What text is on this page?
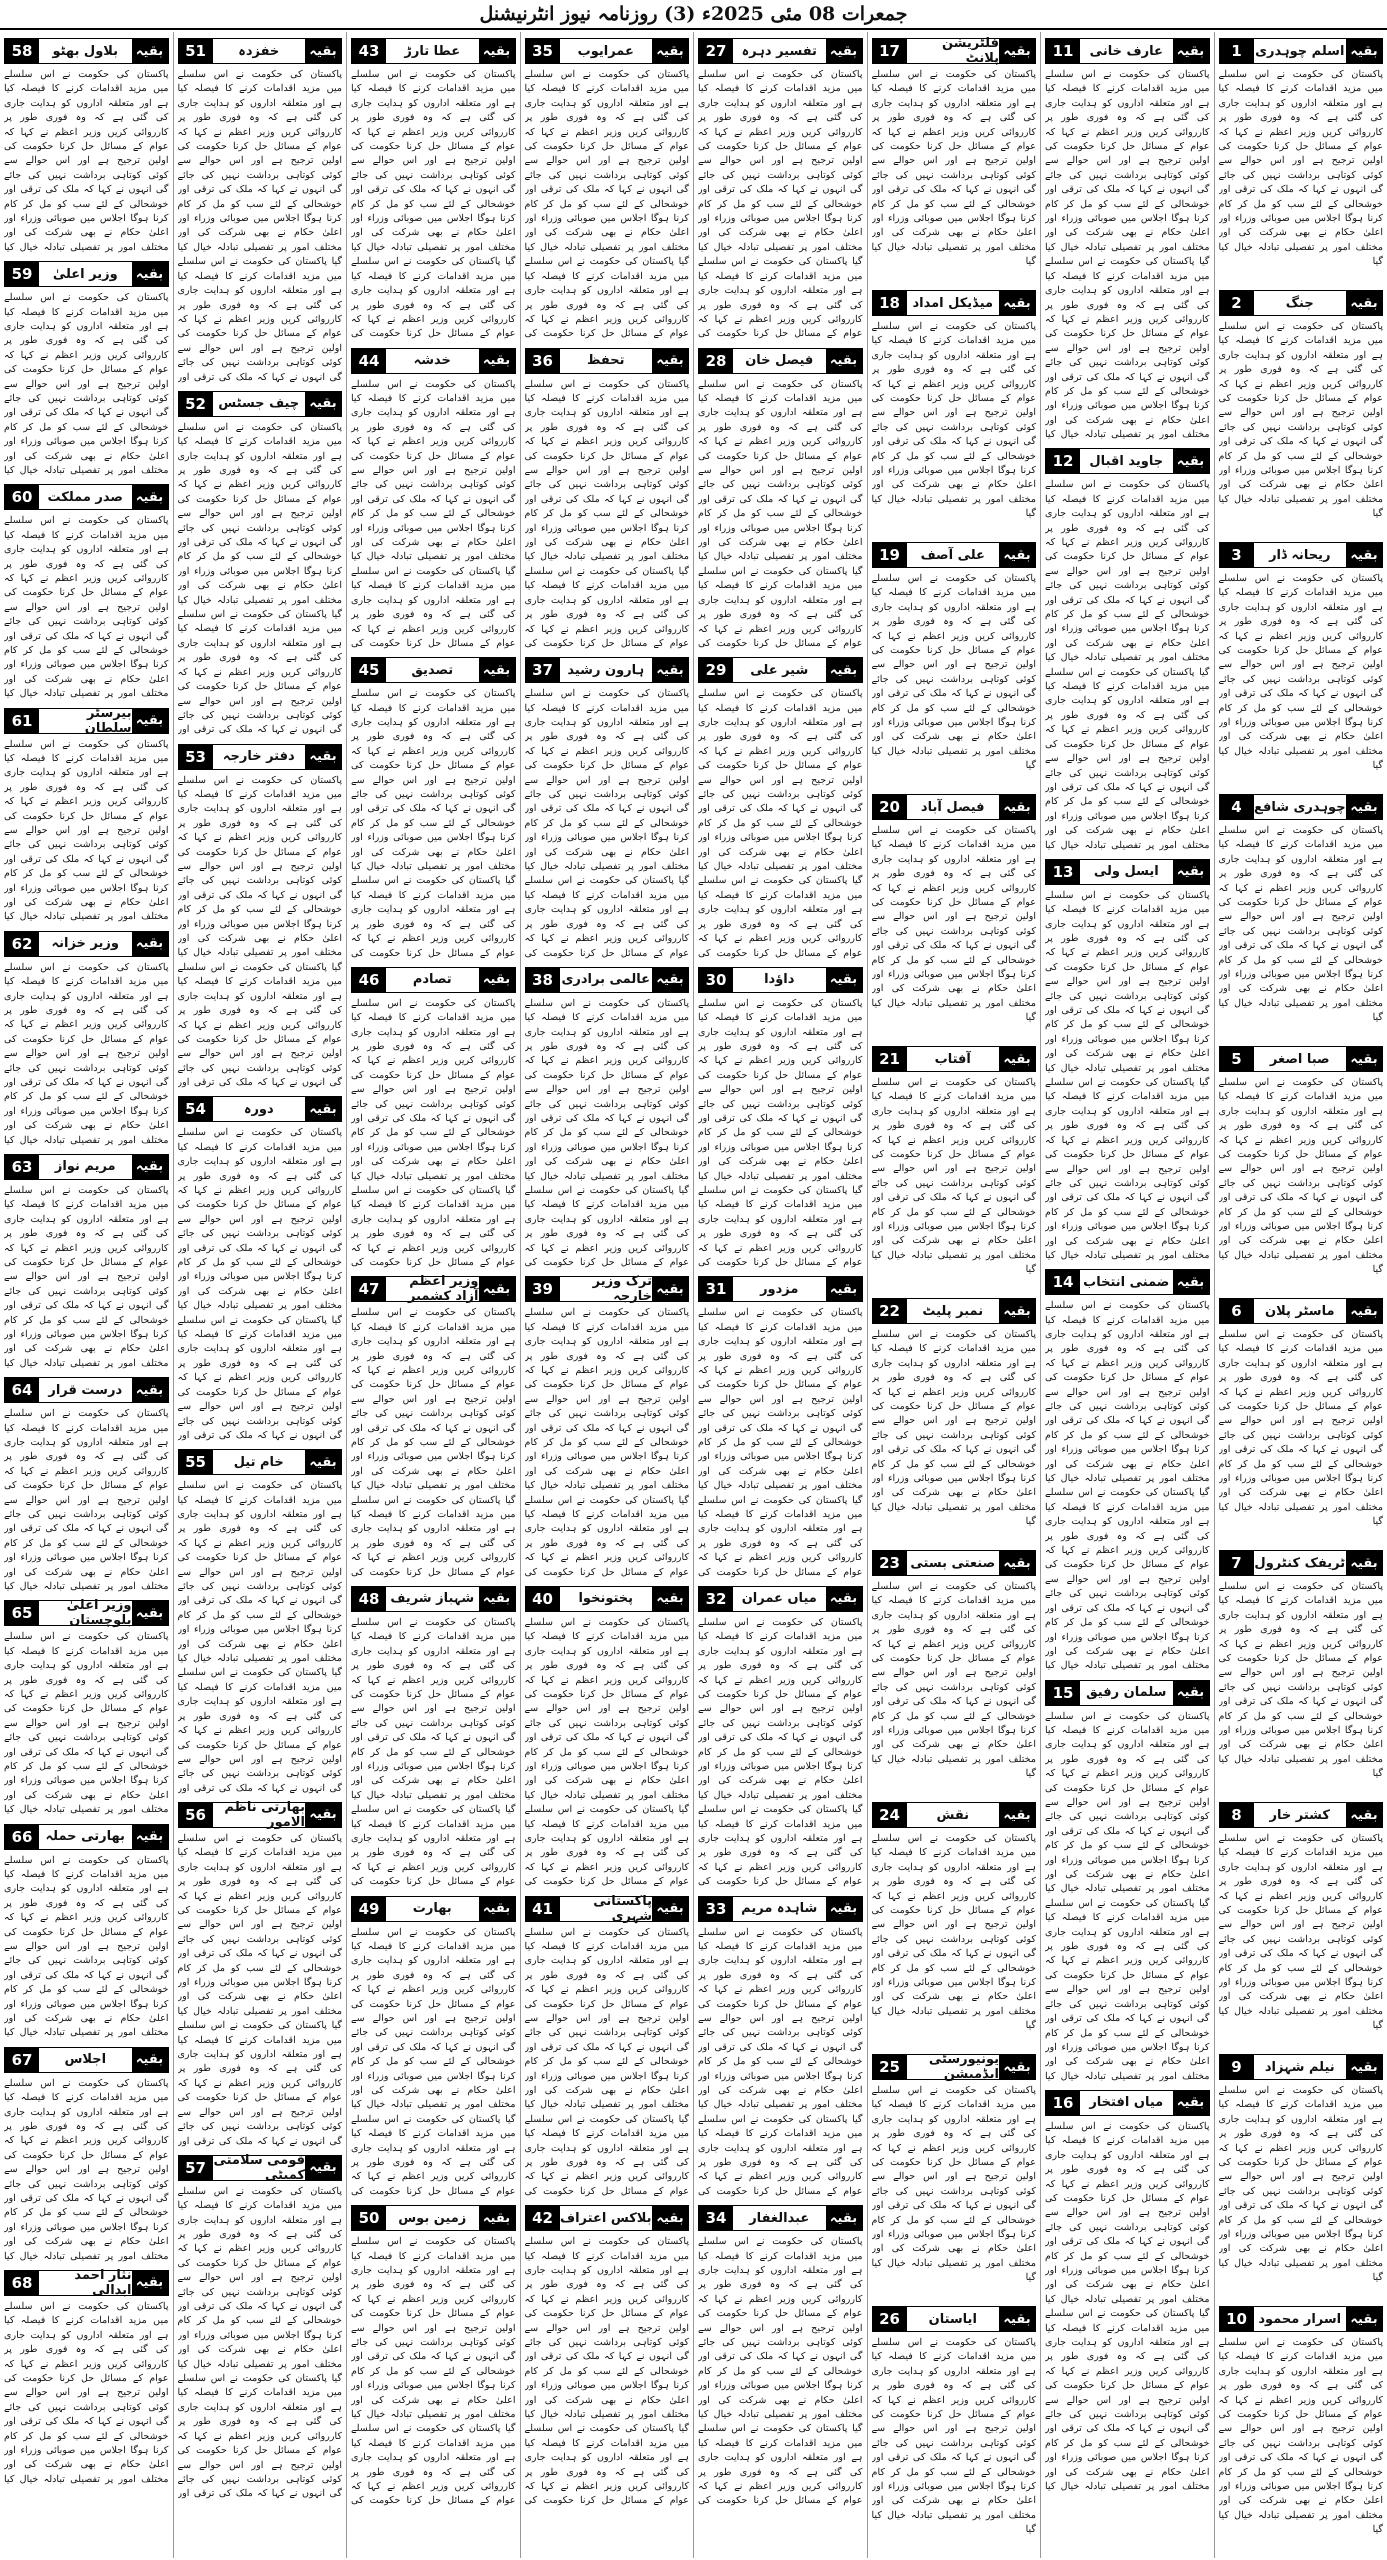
جمعرات 08 مئی 2025ء (3) روزنامہ نیوز انٹرنیشنل
بقیہ
اسلم چوہدری
1

پاکستان کی حکومت نے اس سلسلے میں مزید اقدامات کرنے کا فیصلہ کیا ہے اور متعلقہ اداروں کو ہدایت جاری کی گئی ہے کہ وہ فوری طور پر کارروائی کریں وزیر اعظم نے کہا کہ عوام کے مسائل حل کرنا حکومت کی اولین ترجیح ہے اور اس حوالے سے کوئی کوتاہی برداشت نہیں کی جائے گی انہوں نے کہا کہ ملک کی ترقی اور خوشحالی کے لئے سب کو مل کر کام کرنا ہوگا اجلاس میں صوبائی وزراء اور اعلیٰ حکام نے بھی شرکت کی اور مختلف امور پر تفصیلی تبادلہ خیال کیا گیا

بقیہ
جنگ
2

پاکستان کی حکومت نے اس سلسلے میں مزید اقدامات کرنے کا فیصلہ کیا ہے اور متعلقہ اداروں کو ہدایت جاری کی گئی ہے کہ وہ فوری طور پر کارروائی کریں وزیر اعظم نے کہا کہ عوام کے مسائل حل کرنا حکومت کی اولین ترجیح ہے اور اس حوالے سے کوئی کوتاہی برداشت نہیں کی جائے گی انہوں نے کہا کہ ملک کی ترقی اور خوشحالی کے لئے سب کو مل کر کام کرنا ہوگا اجلاس میں صوبائی وزراء اور اعلیٰ حکام نے بھی شرکت کی اور مختلف امور پر تفصیلی تبادلہ خیال کیا گیا

بقیہ
ریحانہ ڈار
3

پاکستان کی حکومت نے اس سلسلے میں مزید اقدامات کرنے کا فیصلہ کیا ہے اور متعلقہ اداروں کو ہدایت جاری کی گئی ہے کہ وہ فوری طور پر کارروائی کریں وزیر اعظم نے کہا کہ عوام کے مسائل حل کرنا حکومت کی اولین ترجیح ہے اور اس حوالے سے کوئی کوتاہی برداشت نہیں کی جائے گی انہوں نے کہا کہ ملک کی ترقی اور خوشحالی کے لئے سب کو مل کر کام کرنا ہوگا اجلاس میں صوبائی وزراء اور اعلیٰ حکام نے بھی شرکت کی اور مختلف امور پر تفصیلی تبادلہ خیال کیا گیا

بقیہ
چوہدری شافع
4

پاکستان کی حکومت نے اس سلسلے میں مزید اقدامات کرنے کا فیصلہ کیا ہے اور متعلقہ اداروں کو ہدایت جاری کی گئی ہے کہ وہ فوری طور پر کارروائی کریں وزیر اعظم نے کہا کہ عوام کے مسائل حل کرنا حکومت کی اولین ترجیح ہے اور اس حوالے سے کوئی کوتاہی برداشت نہیں کی جائے گی انہوں نے کہا کہ ملک کی ترقی اور خوشحالی کے لئے سب کو مل کر کام کرنا ہوگا اجلاس میں صوبائی وزراء اور اعلیٰ حکام نے بھی شرکت کی اور مختلف امور پر تفصیلی تبادلہ خیال کیا گیا

بقیہ
صبا اصغر
5

پاکستان کی حکومت نے اس سلسلے میں مزید اقدامات کرنے کا فیصلہ کیا ہے اور متعلقہ اداروں کو ہدایت جاری کی گئی ہے کہ وہ فوری طور پر کارروائی کریں وزیر اعظم نے کہا کہ عوام کے مسائل حل کرنا حکومت کی اولین ترجیح ہے اور اس حوالے سے کوئی کوتاہی برداشت نہیں کی جائے گی انہوں نے کہا کہ ملک کی ترقی اور خوشحالی کے لئے سب کو مل کر کام کرنا ہوگا اجلاس میں صوبائی وزراء اور اعلیٰ حکام نے بھی شرکت کی اور مختلف امور پر تفصیلی تبادلہ خیال کیا گیا

بقیہ
ماسٹر پلان
6

پاکستان کی حکومت نے اس سلسلے میں مزید اقدامات کرنے کا فیصلہ کیا ہے اور متعلقہ اداروں کو ہدایت جاری کی گئی ہے کہ وہ فوری طور پر کارروائی کریں وزیر اعظم نے کہا کہ عوام کے مسائل حل کرنا حکومت کی اولین ترجیح ہے اور اس حوالے سے کوئی کوتاہی برداشت نہیں کی جائے گی انہوں نے کہا کہ ملک کی ترقی اور خوشحالی کے لئے سب کو مل کر کام کرنا ہوگا اجلاس میں صوبائی وزراء اور اعلیٰ حکام نے بھی شرکت کی اور مختلف امور پر تفصیلی تبادلہ خیال کیا گیا

بقیہ
ٹریفک کنٹرول
7

پاکستان کی حکومت نے اس سلسلے میں مزید اقدامات کرنے کا فیصلہ کیا ہے اور متعلقہ اداروں کو ہدایت جاری کی گئی ہے کہ وہ فوری طور پر کارروائی کریں وزیر اعظم نے کہا کہ عوام کے مسائل حل کرنا حکومت کی اولین ترجیح ہے اور اس حوالے سے کوئی کوتاہی برداشت نہیں کی جائے گی انہوں نے کہا کہ ملک کی ترقی اور خوشحالی کے لئے سب کو مل کر کام کرنا ہوگا اجلاس میں صوبائی وزراء اور اعلیٰ حکام نے بھی شرکت کی اور مختلف امور پر تفصیلی تبادلہ خیال کیا گیا

بقیہ
کشتر خار
8

پاکستان کی حکومت نے اس سلسلے میں مزید اقدامات کرنے کا فیصلہ کیا ہے اور متعلقہ اداروں کو ہدایت جاری کی گئی ہے کہ وہ فوری طور پر کارروائی کریں وزیر اعظم نے کہا کہ عوام کے مسائل حل کرنا حکومت کی اولین ترجیح ہے اور اس حوالے سے کوئی کوتاہی برداشت نہیں کی جائے گی انہوں نے کہا کہ ملک کی ترقی اور خوشحالی کے لئے سب کو مل کر کام کرنا ہوگا اجلاس میں صوبائی وزراء اور اعلیٰ حکام نے بھی شرکت کی اور مختلف امور پر تفصیلی تبادلہ خیال کیا گیا

بقیہ
نیلم شہزاد
9

پاکستان کی حکومت نے اس سلسلے میں مزید اقدامات کرنے کا فیصلہ کیا ہے اور متعلقہ اداروں کو ہدایت جاری کی گئی ہے کہ وہ فوری طور پر کارروائی کریں وزیر اعظم نے کہا کہ عوام کے مسائل حل کرنا حکومت کی اولین ترجیح ہے اور اس حوالے سے کوئی کوتاہی برداشت نہیں کی جائے گی انہوں نے کہا کہ ملک کی ترقی اور خوشحالی کے لئے سب کو مل کر کام کرنا ہوگا اجلاس میں صوبائی وزراء اور اعلیٰ حکام نے بھی شرکت کی اور مختلف امور پر تفصیلی تبادلہ خیال کیا گیا

بقیہ
اسرار محمود
10

پاکستان کی حکومت نے اس سلسلے میں مزید اقدامات کرنے کا فیصلہ کیا ہے اور متعلقہ اداروں کو ہدایت جاری کی گئی ہے کہ وہ فوری طور پر کارروائی کریں وزیر اعظم نے کہا کہ عوام کے مسائل حل کرنا حکومت کی اولین ترجیح ہے اور اس حوالے سے کوئی کوتاہی برداشت نہیں کی جائے گی انہوں نے کہا کہ ملک کی ترقی اور خوشحالی کے لئے سب کو مل کر کام کرنا ہوگا اجلاس میں صوبائی وزراء اور اعلیٰ حکام نے بھی شرکت کی اور مختلف امور پر تفصیلی تبادلہ خیال کیا گیا

بقیہ
عارف خانی
11

پاکستان کی حکومت نے اس سلسلے میں مزید اقدامات کرنے کا فیصلہ کیا ہے اور متعلقہ اداروں کو ہدایت جاری کی گئی ہے کہ وہ فوری طور پر کارروائی کریں وزیر اعظم نے کہا کہ عوام کے مسائل حل کرنا حکومت کی اولین ترجیح ہے اور اس حوالے سے کوئی کوتاہی برداشت نہیں کی جائے گی انہوں نے کہا کہ ملک کی ترقی اور خوشحالی کے لئے سب کو مل کر کام کرنا ہوگا اجلاس میں صوبائی وزراء اور اعلیٰ حکام نے بھی شرکت کی اور مختلف امور پر تفصیلی تبادلہ خیال کیا گیا پاکستان کی حکومت نے اس سلسلے میں مزید اقدامات کرنے کا فیصلہ کیا ہے اور متعلقہ اداروں کو ہدایت جاری کی گئی ہے کہ وہ فوری طور پر کارروائی کریں وزیر اعظم نے کہا کہ عوام کے مسائل حل کرنا حکومت کی اولین ترجیح ہے اور اس حوالے سے کوئی کوتاہی برداشت نہیں کی جائے گی انہوں نے کہا کہ ملک کی ترقی اور خوشحالی کے لئے سب کو مل کر کام کرنا ہوگا اجلاس میں صوبائی وزراء اور اعلیٰ حکام نے بھی شرکت کی اور مختلف امور پر تفصیلی تبادلہ خیال کیا

بقیہ
جاوید اقبال
12

پاکستان کی حکومت نے اس سلسلے میں مزید اقدامات کرنے کا فیصلہ کیا ہے اور متعلقہ اداروں کو ہدایت جاری کی گئی ہے کہ وہ فوری طور پر کارروائی کریں وزیر اعظم نے کہا کہ عوام کے مسائل حل کرنا حکومت کی اولین ترجیح ہے اور اس حوالے سے کوئی کوتاہی برداشت نہیں کی جائے گی انہوں نے کہا کہ ملک کی ترقی اور خوشحالی کے لئے سب کو مل کر کام کرنا ہوگا اجلاس میں صوبائی وزراء اور اعلیٰ حکام نے بھی شرکت کی اور مختلف امور پر تفصیلی تبادلہ خیال کیا گیا پاکستان کی حکومت نے اس سلسلے میں مزید اقدامات کرنے کا فیصلہ کیا ہے اور متعلقہ اداروں کو ہدایت جاری کی گئی ہے کہ وہ فوری طور پر کارروائی کریں وزیر اعظم نے کہا کہ عوام کے مسائل حل کرنا حکومت کی اولین ترجیح ہے اور اس حوالے سے کوئی کوتاہی برداشت نہیں کی جائے گی انہوں نے کہا کہ ملک کی ترقی اور خوشحالی کے لئے سب کو مل کر کام کرنا ہوگا اجلاس میں صوبائی وزراء اور اعلیٰ حکام نے بھی شرکت کی اور مختلف امور پر تفصیلی تبادلہ خیال کیا

بقیہ
ایسل ولی
13

پاکستان کی حکومت نے اس سلسلے میں مزید اقدامات کرنے کا فیصلہ کیا ہے اور متعلقہ اداروں کو ہدایت جاری کی گئی ہے کہ وہ فوری طور پر کارروائی کریں وزیر اعظم نے کہا کہ عوام کے مسائل حل کرنا حکومت کی اولین ترجیح ہے اور اس حوالے سے کوئی کوتاہی برداشت نہیں کی جائے گی انہوں نے کہا کہ ملک کی ترقی اور خوشحالی کے لئے سب کو مل کر کام کرنا ہوگا اجلاس میں صوبائی وزراء اور اعلیٰ حکام نے بھی شرکت کی اور مختلف امور پر تفصیلی تبادلہ خیال کیا گیا پاکستان کی حکومت نے اس سلسلے میں مزید اقدامات کرنے کا فیصلہ کیا ہے اور متعلقہ اداروں کو ہدایت جاری کی گئی ہے کہ وہ فوری طور پر کارروائی کریں وزیر اعظم نے کہا کہ عوام کے مسائل حل کرنا حکومت کی اولین ترجیح ہے اور اس حوالے سے کوئی کوتاہی برداشت نہیں کی جائے گی انہوں نے کہا کہ ملک کی ترقی اور خوشحالی کے لئے سب کو مل کر کام کرنا ہوگا اجلاس میں صوبائی وزراء اور اعلیٰ حکام نے بھی شرکت کی اور مختلف امور پر تفصیلی تبادلہ خیال کیا

بقیہ
ضمنی انتخاب
14

پاکستان کی حکومت نے اس سلسلے میں مزید اقدامات کرنے کا فیصلہ کیا ہے اور متعلقہ اداروں کو ہدایت جاری کی گئی ہے کہ وہ فوری طور پر کارروائی کریں وزیر اعظم نے کہا کہ عوام کے مسائل حل کرنا حکومت کی اولین ترجیح ہے اور اس حوالے سے کوئی کوتاہی برداشت نہیں کی جائے گی انہوں نے کہا کہ ملک کی ترقی اور خوشحالی کے لئے سب کو مل کر کام کرنا ہوگا اجلاس میں صوبائی وزراء اور اعلیٰ حکام نے بھی شرکت کی اور مختلف امور پر تفصیلی تبادلہ خیال کیا گیا پاکستان کی حکومت نے اس سلسلے میں مزید اقدامات کرنے کا فیصلہ کیا ہے اور متعلقہ اداروں کو ہدایت جاری کی گئی ہے کہ وہ فوری طور پر کارروائی کریں وزیر اعظم نے کہا کہ عوام کے مسائل حل کرنا حکومت کی اولین ترجیح ہے اور اس حوالے سے کوئی کوتاہی برداشت نہیں کی جائے گی انہوں نے کہا کہ ملک کی ترقی اور خوشحالی کے لئے سب کو مل کر کام کرنا ہوگا اجلاس میں صوبائی وزراء اور اعلیٰ حکام نے بھی شرکت کی اور مختلف امور پر تفصیلی تبادلہ خیال کیا

بقیہ
سلمان رفیق
15

پاکستان کی حکومت نے اس سلسلے میں مزید اقدامات کرنے کا فیصلہ کیا ہے اور متعلقہ اداروں کو ہدایت جاری کی گئی ہے کہ وہ فوری طور پر کارروائی کریں وزیر اعظم نے کہا کہ عوام کے مسائل حل کرنا حکومت کی اولین ترجیح ہے اور اس حوالے سے کوئی کوتاہی برداشت نہیں کی جائے گی انہوں نے کہا کہ ملک کی ترقی اور خوشحالی کے لئے سب کو مل کر کام کرنا ہوگا اجلاس میں صوبائی وزراء اور اعلیٰ حکام نے بھی شرکت کی اور مختلف امور پر تفصیلی تبادلہ خیال کیا گیا پاکستان کی حکومت نے اس سلسلے میں مزید اقدامات کرنے کا فیصلہ کیا ہے اور متعلقہ اداروں کو ہدایت جاری کی گئی ہے کہ وہ فوری طور پر کارروائی کریں وزیر اعظم نے کہا کہ عوام کے مسائل حل کرنا حکومت کی اولین ترجیح ہے اور اس حوالے سے کوئی کوتاہی برداشت نہیں کی جائے گی انہوں نے کہا کہ ملک کی ترقی اور خوشحالی کے لئے سب کو مل کر کام کرنا ہوگا اجلاس میں صوبائی وزراء اور اعلیٰ حکام نے بھی شرکت کی اور مختلف امور پر تفصیلی تبادلہ خیال کیا

بقیہ
میاں افتخار
16

پاکستان کی حکومت نے اس سلسلے میں مزید اقدامات کرنے کا فیصلہ کیا ہے اور متعلقہ اداروں کو ہدایت جاری کی گئی ہے کہ وہ فوری طور پر کارروائی کریں وزیر اعظم نے کہا کہ عوام کے مسائل حل کرنا حکومت کی اولین ترجیح ہے اور اس حوالے سے کوئی کوتاہی برداشت نہیں کی جائے گی انہوں نے کہا کہ ملک کی ترقی اور خوشحالی کے لئے سب کو مل کر کام کرنا ہوگا اجلاس میں صوبائی وزراء اور اعلیٰ حکام نے بھی شرکت کی اور مختلف امور پر تفصیلی تبادلہ خیال کیا گیا پاکستان کی حکومت نے اس سلسلے میں مزید اقدامات کرنے کا فیصلہ کیا ہے اور متعلقہ اداروں کو ہدایت جاری کی گئی ہے کہ وہ فوری طور پر کارروائی کریں وزیر اعظم نے کہا کہ عوام کے مسائل حل کرنا حکومت کی اولین ترجیح ہے اور اس حوالے سے کوئی کوتاہی برداشت نہیں کی جائے گی انہوں نے کہا کہ ملک کی ترقی اور خوشحالی کے لئے سب کو مل کر کام کرنا ہوگا اجلاس میں صوبائی وزراء اور اعلیٰ حکام نے بھی شرکت کی اور مختلف امور پر تفصیلی تبادلہ خیال کیا

بقیہ
فلٹریشن پلانٹ
17

پاکستان کی حکومت نے اس سلسلے میں مزید اقدامات کرنے کا فیصلہ کیا ہے اور متعلقہ اداروں کو ہدایت جاری کی گئی ہے کہ وہ فوری طور پر کارروائی کریں وزیر اعظم نے کہا کہ عوام کے مسائل حل کرنا حکومت کی اولین ترجیح ہے اور اس حوالے سے کوئی کوتاہی برداشت نہیں کی جائے گی انہوں نے کہا کہ ملک کی ترقی اور خوشحالی کے لئے سب کو مل کر کام کرنا ہوگا اجلاس میں صوبائی وزراء اور اعلیٰ حکام نے بھی شرکت کی اور مختلف امور پر تفصیلی تبادلہ خیال کیا گیا

بقیہ
میڈیکل امداد
18

پاکستان کی حکومت نے اس سلسلے میں مزید اقدامات کرنے کا فیصلہ کیا ہے اور متعلقہ اداروں کو ہدایت جاری کی گئی ہے کہ وہ فوری طور پر کارروائی کریں وزیر اعظم نے کہا کہ عوام کے مسائل حل کرنا حکومت کی اولین ترجیح ہے اور اس حوالے سے کوئی کوتاہی برداشت نہیں کی جائے گی انہوں نے کہا کہ ملک کی ترقی اور خوشحالی کے لئے سب کو مل کر کام کرنا ہوگا اجلاس میں صوبائی وزراء اور اعلیٰ حکام نے بھی شرکت کی اور مختلف امور پر تفصیلی تبادلہ خیال کیا گیا

بقیہ
علی آصف
19

پاکستان کی حکومت نے اس سلسلے میں مزید اقدامات کرنے کا فیصلہ کیا ہے اور متعلقہ اداروں کو ہدایت جاری کی گئی ہے کہ وہ فوری طور پر کارروائی کریں وزیر اعظم نے کہا کہ عوام کے مسائل حل کرنا حکومت کی اولین ترجیح ہے اور اس حوالے سے کوئی کوتاہی برداشت نہیں کی جائے گی انہوں نے کہا کہ ملک کی ترقی اور خوشحالی کے لئے سب کو مل کر کام کرنا ہوگا اجلاس میں صوبائی وزراء اور اعلیٰ حکام نے بھی شرکت کی اور مختلف امور پر تفصیلی تبادلہ خیال کیا گیا

بقیہ
فیصل آباد
20

پاکستان کی حکومت نے اس سلسلے میں مزید اقدامات کرنے کا فیصلہ کیا ہے اور متعلقہ اداروں کو ہدایت جاری کی گئی ہے کہ وہ فوری طور پر کارروائی کریں وزیر اعظم نے کہا کہ عوام کے مسائل حل کرنا حکومت کی اولین ترجیح ہے اور اس حوالے سے کوئی کوتاہی برداشت نہیں کی جائے گی انہوں نے کہا کہ ملک کی ترقی اور خوشحالی کے لئے سب کو مل کر کام کرنا ہوگا اجلاس میں صوبائی وزراء اور اعلیٰ حکام نے بھی شرکت کی اور مختلف امور پر تفصیلی تبادلہ خیال کیا گیا

بقیہ
آفتاب
21

پاکستان کی حکومت نے اس سلسلے میں مزید اقدامات کرنے کا فیصلہ کیا ہے اور متعلقہ اداروں کو ہدایت جاری کی گئی ہے کہ وہ فوری طور پر کارروائی کریں وزیر اعظم نے کہا کہ عوام کے مسائل حل کرنا حکومت کی اولین ترجیح ہے اور اس حوالے سے کوئی کوتاہی برداشت نہیں کی جائے گی انہوں نے کہا کہ ملک کی ترقی اور خوشحالی کے لئے سب کو مل کر کام کرنا ہوگا اجلاس میں صوبائی وزراء اور اعلیٰ حکام نے بھی شرکت کی اور مختلف امور پر تفصیلی تبادلہ خیال کیا گیا

بقیہ
نمبر پلیٹ
22

پاکستان کی حکومت نے اس سلسلے میں مزید اقدامات کرنے کا فیصلہ کیا ہے اور متعلقہ اداروں کو ہدایت جاری کی گئی ہے کہ وہ فوری طور پر کارروائی کریں وزیر اعظم نے کہا کہ عوام کے مسائل حل کرنا حکومت کی اولین ترجیح ہے اور اس حوالے سے کوئی کوتاہی برداشت نہیں کی جائے گی انہوں نے کہا کہ ملک کی ترقی اور خوشحالی کے لئے سب کو مل کر کام کرنا ہوگا اجلاس میں صوبائی وزراء اور اعلیٰ حکام نے بھی شرکت کی اور مختلف امور پر تفصیلی تبادلہ خیال کیا گیا

بقیہ
صنعتی بستی
23

پاکستان کی حکومت نے اس سلسلے میں مزید اقدامات کرنے کا فیصلہ کیا ہے اور متعلقہ اداروں کو ہدایت جاری کی گئی ہے کہ وہ فوری طور پر کارروائی کریں وزیر اعظم نے کہا کہ عوام کے مسائل حل کرنا حکومت کی اولین ترجیح ہے اور اس حوالے سے کوئی کوتاہی برداشت نہیں کی جائے گی انہوں نے کہا کہ ملک کی ترقی اور خوشحالی کے لئے سب کو مل کر کام کرنا ہوگا اجلاس میں صوبائی وزراء اور اعلیٰ حکام نے بھی شرکت کی اور مختلف امور پر تفصیلی تبادلہ خیال کیا گیا

بقیہ
نقش
24

پاکستان کی حکومت نے اس سلسلے میں مزید اقدامات کرنے کا فیصلہ کیا ہے اور متعلقہ اداروں کو ہدایت جاری کی گئی ہے کہ وہ فوری طور پر کارروائی کریں وزیر اعظم نے کہا کہ عوام کے مسائل حل کرنا حکومت کی اولین ترجیح ہے اور اس حوالے سے کوئی کوتاہی برداشت نہیں کی جائے گی انہوں نے کہا کہ ملک کی ترقی اور خوشحالی کے لئے سب کو مل کر کام کرنا ہوگا اجلاس میں صوبائی وزراء اور اعلیٰ حکام نے بھی شرکت کی اور مختلف امور پر تفصیلی تبادلہ خیال کیا گیا

بقیہ
یونیورسٹی ایڈمیشن
25

پاکستان کی حکومت نے اس سلسلے میں مزید اقدامات کرنے کا فیصلہ کیا ہے اور متعلقہ اداروں کو ہدایت جاری کی گئی ہے کہ وہ فوری طور پر کارروائی کریں وزیر اعظم نے کہا کہ عوام کے مسائل حل کرنا حکومت کی اولین ترجیح ہے اور اس حوالے سے کوئی کوتاہی برداشت نہیں کی جائے گی انہوں نے کہا کہ ملک کی ترقی اور خوشحالی کے لئے سب کو مل کر کام کرنا ہوگا اجلاس میں صوبائی وزراء اور اعلیٰ حکام نے بھی شرکت کی اور مختلف امور پر تفصیلی تبادلہ خیال کیا گیا

بقیہ
ایاستان
26

پاکستان کی حکومت نے اس سلسلے میں مزید اقدامات کرنے کا فیصلہ کیا ہے اور متعلقہ اداروں کو ہدایت جاری کی گئی ہے کہ وہ فوری طور پر کارروائی کریں وزیر اعظم نے کہا کہ عوام کے مسائل حل کرنا حکومت کی اولین ترجیح ہے اور اس حوالے سے کوئی کوتاہی برداشت نہیں کی جائے گی انہوں نے کہا کہ ملک کی ترقی اور خوشحالی کے لئے سب کو مل کر کام کرنا ہوگا اجلاس میں صوبائی وزراء اور اعلیٰ حکام نے بھی شرکت کی اور مختلف امور پر تفصیلی تبادلہ خیال کیا گیا

بقیہ
تفسیر دہرہ
27

پاکستان کی حکومت نے اس سلسلے میں مزید اقدامات کرنے کا فیصلہ کیا ہے اور متعلقہ اداروں کو ہدایت جاری کی گئی ہے کہ وہ فوری طور پر کارروائی کریں وزیر اعظم نے کہا کہ عوام کے مسائل حل کرنا حکومت کی اولین ترجیح ہے اور اس حوالے سے کوئی کوتاہی برداشت نہیں کی جائے گی انہوں نے کہا کہ ملک کی ترقی اور خوشحالی کے لئے سب کو مل کر کام کرنا ہوگا اجلاس میں صوبائی وزراء اور اعلیٰ حکام نے بھی شرکت کی اور مختلف امور پر تفصیلی تبادلہ خیال کیا گیا پاکستان کی حکومت نے اس سلسلے میں مزید اقدامات کرنے کا فیصلہ کیا ہے اور متعلقہ اداروں کو ہدایت جاری کی گئی ہے کہ وہ فوری طور پر کارروائی کریں وزیر اعظم نے کہا کہ عوام کے مسائل حل کرنا حکومت کی

بقیہ
فیصل خان
28

پاکستان کی حکومت نے اس سلسلے میں مزید اقدامات کرنے کا فیصلہ کیا ہے اور متعلقہ اداروں کو ہدایت جاری کی گئی ہے کہ وہ فوری طور پر کارروائی کریں وزیر اعظم نے کہا کہ عوام کے مسائل حل کرنا حکومت کی اولین ترجیح ہے اور اس حوالے سے کوئی کوتاہی برداشت نہیں کی جائے گی انہوں نے کہا کہ ملک کی ترقی اور خوشحالی کے لئے سب کو مل کر کام کرنا ہوگا اجلاس میں صوبائی وزراء اور اعلیٰ حکام نے بھی شرکت کی اور مختلف امور پر تفصیلی تبادلہ خیال کیا گیا پاکستان کی حکومت نے اس سلسلے میں مزید اقدامات کرنے کا فیصلہ کیا ہے اور متعلقہ اداروں کو ہدایت جاری کی گئی ہے کہ وہ فوری طور پر کارروائی کریں وزیر اعظم نے کہا کہ عوام کے مسائل حل کرنا حکومت کی

بقیہ
شیر علی
29

پاکستان کی حکومت نے اس سلسلے میں مزید اقدامات کرنے کا فیصلہ کیا ہے اور متعلقہ اداروں کو ہدایت جاری کی گئی ہے کہ وہ فوری طور پر کارروائی کریں وزیر اعظم نے کہا کہ عوام کے مسائل حل کرنا حکومت کی اولین ترجیح ہے اور اس حوالے سے کوئی کوتاہی برداشت نہیں کی جائے گی انہوں نے کہا کہ ملک کی ترقی اور خوشحالی کے لئے سب کو مل کر کام کرنا ہوگا اجلاس میں صوبائی وزراء اور اعلیٰ حکام نے بھی شرکت کی اور مختلف امور پر تفصیلی تبادلہ خیال کیا گیا پاکستان کی حکومت نے اس سلسلے میں مزید اقدامات کرنے کا فیصلہ کیا ہے اور متعلقہ اداروں کو ہدایت جاری کی گئی ہے کہ وہ فوری طور پر کارروائی کریں وزیر اعظم نے کہا کہ عوام کے مسائل حل کرنا حکومت کی

بقیہ
داؤدا
30

پاکستان کی حکومت نے اس سلسلے میں مزید اقدامات کرنے کا فیصلہ کیا ہے اور متعلقہ اداروں کو ہدایت جاری کی گئی ہے کہ وہ فوری طور پر کارروائی کریں وزیر اعظم نے کہا کہ عوام کے مسائل حل کرنا حکومت کی اولین ترجیح ہے اور اس حوالے سے کوئی کوتاہی برداشت نہیں کی جائے گی انہوں نے کہا کہ ملک کی ترقی اور خوشحالی کے لئے سب کو مل کر کام کرنا ہوگا اجلاس میں صوبائی وزراء اور اعلیٰ حکام نے بھی شرکت کی اور مختلف امور پر تفصیلی تبادلہ خیال کیا گیا پاکستان کی حکومت نے اس سلسلے میں مزید اقدامات کرنے کا فیصلہ کیا ہے اور متعلقہ اداروں کو ہدایت جاری کی گئی ہے کہ وہ فوری طور پر کارروائی کریں وزیر اعظم نے کہا کہ عوام کے مسائل حل کرنا حکومت کی

بقیہ
مزدور
31

پاکستان کی حکومت نے اس سلسلے میں مزید اقدامات کرنے کا فیصلہ کیا ہے اور متعلقہ اداروں کو ہدایت جاری کی گئی ہے کہ وہ فوری طور پر کارروائی کریں وزیر اعظم نے کہا کہ عوام کے مسائل حل کرنا حکومت کی اولین ترجیح ہے اور اس حوالے سے کوئی کوتاہی برداشت نہیں کی جائے گی انہوں نے کہا کہ ملک کی ترقی اور خوشحالی کے لئے سب کو مل کر کام کرنا ہوگا اجلاس میں صوبائی وزراء اور اعلیٰ حکام نے بھی شرکت کی اور مختلف امور پر تفصیلی تبادلہ خیال کیا گیا پاکستان کی حکومت نے اس سلسلے میں مزید اقدامات کرنے کا فیصلہ کیا ہے اور متعلقہ اداروں کو ہدایت جاری کی گئی ہے کہ وہ فوری طور پر کارروائی کریں وزیر اعظم نے کہا کہ عوام کے مسائل حل کرنا حکومت کی

بقیہ
میاں عمران
32

پاکستان کی حکومت نے اس سلسلے میں مزید اقدامات کرنے کا فیصلہ کیا ہے اور متعلقہ اداروں کو ہدایت جاری کی گئی ہے کہ وہ فوری طور پر کارروائی کریں وزیر اعظم نے کہا کہ عوام کے مسائل حل کرنا حکومت کی اولین ترجیح ہے اور اس حوالے سے کوئی کوتاہی برداشت نہیں کی جائے گی انہوں نے کہا کہ ملک کی ترقی اور خوشحالی کے لئے سب کو مل کر کام کرنا ہوگا اجلاس میں صوبائی وزراء اور اعلیٰ حکام نے بھی شرکت کی اور مختلف امور پر تفصیلی تبادلہ خیال کیا گیا پاکستان کی حکومت نے اس سلسلے میں مزید اقدامات کرنے کا فیصلہ کیا ہے اور متعلقہ اداروں کو ہدایت جاری کی گئی ہے کہ وہ فوری طور پر کارروائی کریں وزیر اعظم نے کہا کہ عوام کے مسائل حل کرنا حکومت کی

بقیہ
شاہدہ مریم
33

پاکستان کی حکومت نے اس سلسلے میں مزید اقدامات کرنے کا فیصلہ کیا ہے اور متعلقہ اداروں کو ہدایت جاری کی گئی ہے کہ وہ فوری طور پر کارروائی کریں وزیر اعظم نے کہا کہ عوام کے مسائل حل کرنا حکومت کی اولین ترجیح ہے اور اس حوالے سے کوئی کوتاہی برداشت نہیں کی جائے گی انہوں نے کہا کہ ملک کی ترقی اور خوشحالی کے لئے سب کو مل کر کام کرنا ہوگا اجلاس میں صوبائی وزراء اور اعلیٰ حکام نے بھی شرکت کی اور مختلف امور پر تفصیلی تبادلہ خیال کیا گیا پاکستان کی حکومت نے اس سلسلے میں مزید اقدامات کرنے کا فیصلہ کیا ہے اور متعلقہ اداروں کو ہدایت جاری کی گئی ہے کہ وہ فوری طور پر کارروائی کریں وزیر اعظم نے کہا کہ عوام کے مسائل حل کرنا حکومت کی

بقیہ
عبدالغفار
34

پاکستان کی حکومت نے اس سلسلے میں مزید اقدامات کرنے کا فیصلہ کیا ہے اور متعلقہ اداروں کو ہدایت جاری کی گئی ہے کہ وہ فوری طور پر کارروائی کریں وزیر اعظم نے کہا کہ عوام کے مسائل حل کرنا حکومت کی اولین ترجیح ہے اور اس حوالے سے کوئی کوتاہی برداشت نہیں کی جائے گی انہوں نے کہا کہ ملک کی ترقی اور خوشحالی کے لئے سب کو مل کر کام کرنا ہوگا اجلاس میں صوبائی وزراء اور اعلیٰ حکام نے بھی شرکت کی اور مختلف امور پر تفصیلی تبادلہ خیال کیا گیا پاکستان کی حکومت نے اس سلسلے میں مزید اقدامات کرنے کا فیصلہ کیا ہے اور متعلقہ اداروں کو ہدایت جاری کی گئی ہے کہ وہ فوری طور پر کارروائی کریں وزیر اعظم نے کہا کہ عوام کے مسائل حل کرنا حکومت کی

بقیہ
عمرایوب
35

پاکستان کی حکومت نے اس سلسلے میں مزید اقدامات کرنے کا فیصلہ کیا ہے اور متعلقہ اداروں کو ہدایت جاری کی گئی ہے کہ وہ فوری طور پر کارروائی کریں وزیر اعظم نے کہا کہ عوام کے مسائل حل کرنا حکومت کی اولین ترجیح ہے اور اس حوالے سے کوئی کوتاہی برداشت نہیں کی جائے گی انہوں نے کہا کہ ملک کی ترقی اور خوشحالی کے لئے سب کو مل کر کام کرنا ہوگا اجلاس میں صوبائی وزراء اور اعلیٰ حکام نے بھی شرکت کی اور مختلف امور پر تفصیلی تبادلہ خیال کیا گیا پاکستان کی حکومت نے اس سلسلے میں مزید اقدامات کرنے کا فیصلہ کیا ہے اور متعلقہ اداروں کو ہدایت جاری کی گئی ہے کہ وہ فوری طور پر کارروائی کریں وزیر اعظم نے کہا کہ عوام کے مسائل حل کرنا حکومت کی

بقیہ
تحفظ
36

پاکستان کی حکومت نے اس سلسلے میں مزید اقدامات کرنے کا فیصلہ کیا ہے اور متعلقہ اداروں کو ہدایت جاری کی گئی ہے کہ وہ فوری طور پر کارروائی کریں وزیر اعظم نے کہا کہ عوام کے مسائل حل کرنا حکومت کی اولین ترجیح ہے اور اس حوالے سے کوئی کوتاہی برداشت نہیں کی جائے گی انہوں نے کہا کہ ملک کی ترقی اور خوشحالی کے لئے سب کو مل کر کام کرنا ہوگا اجلاس میں صوبائی وزراء اور اعلیٰ حکام نے بھی شرکت کی اور مختلف امور پر تفصیلی تبادلہ خیال کیا گیا پاکستان کی حکومت نے اس سلسلے میں مزید اقدامات کرنے کا فیصلہ کیا ہے اور متعلقہ اداروں کو ہدایت جاری کی گئی ہے کہ وہ فوری طور پر کارروائی کریں وزیر اعظم نے کہا کہ عوام کے مسائل حل کرنا حکومت کی

بقیہ
ہارون رشید
37

پاکستان کی حکومت نے اس سلسلے میں مزید اقدامات کرنے کا فیصلہ کیا ہے اور متعلقہ اداروں کو ہدایت جاری کی گئی ہے کہ وہ فوری طور پر کارروائی کریں وزیر اعظم نے کہا کہ عوام کے مسائل حل کرنا حکومت کی اولین ترجیح ہے اور اس حوالے سے کوئی کوتاہی برداشت نہیں کی جائے گی انہوں نے کہا کہ ملک کی ترقی اور خوشحالی کے لئے سب کو مل کر کام کرنا ہوگا اجلاس میں صوبائی وزراء اور اعلیٰ حکام نے بھی شرکت کی اور مختلف امور پر تفصیلی تبادلہ خیال کیا گیا پاکستان کی حکومت نے اس سلسلے میں مزید اقدامات کرنے کا فیصلہ کیا ہے اور متعلقہ اداروں کو ہدایت جاری کی گئی ہے کہ وہ فوری طور پر کارروائی کریں وزیر اعظم نے کہا کہ عوام کے مسائل حل کرنا حکومت کی

بقیہ
عالمی برادری
38

پاکستان کی حکومت نے اس سلسلے میں مزید اقدامات کرنے کا فیصلہ کیا ہے اور متعلقہ اداروں کو ہدایت جاری کی گئی ہے کہ وہ فوری طور پر کارروائی کریں وزیر اعظم نے کہا کہ عوام کے مسائل حل کرنا حکومت کی اولین ترجیح ہے اور اس حوالے سے کوئی کوتاہی برداشت نہیں کی جائے گی انہوں نے کہا کہ ملک کی ترقی اور خوشحالی کے لئے سب کو مل کر کام کرنا ہوگا اجلاس میں صوبائی وزراء اور اعلیٰ حکام نے بھی شرکت کی اور مختلف امور پر تفصیلی تبادلہ خیال کیا گیا پاکستان کی حکومت نے اس سلسلے میں مزید اقدامات کرنے کا فیصلہ کیا ہے اور متعلقہ اداروں کو ہدایت جاری کی گئی ہے کہ وہ فوری طور پر کارروائی کریں وزیر اعظم نے کہا کہ عوام کے مسائل حل کرنا حکومت کی

بقیہ
ترک وزیر خارجہ
39

پاکستان کی حکومت نے اس سلسلے میں مزید اقدامات کرنے کا فیصلہ کیا ہے اور متعلقہ اداروں کو ہدایت جاری کی گئی ہے کہ وہ فوری طور پر کارروائی کریں وزیر اعظم نے کہا کہ عوام کے مسائل حل کرنا حکومت کی اولین ترجیح ہے اور اس حوالے سے کوئی کوتاہی برداشت نہیں کی جائے گی انہوں نے کہا کہ ملک کی ترقی اور خوشحالی کے لئے سب کو مل کر کام کرنا ہوگا اجلاس میں صوبائی وزراء اور اعلیٰ حکام نے بھی شرکت کی اور مختلف امور پر تفصیلی تبادلہ خیال کیا گیا پاکستان کی حکومت نے اس سلسلے میں مزید اقدامات کرنے کا فیصلہ کیا ہے اور متعلقہ اداروں کو ہدایت جاری کی گئی ہے کہ وہ فوری طور پر کارروائی کریں وزیر اعظم نے کہا کہ عوام کے مسائل حل کرنا حکومت کی

بقیہ
پختونخوا
40

پاکستان کی حکومت نے اس سلسلے میں مزید اقدامات کرنے کا فیصلہ کیا ہے اور متعلقہ اداروں کو ہدایت جاری کی گئی ہے کہ وہ فوری طور پر کارروائی کریں وزیر اعظم نے کہا کہ عوام کے مسائل حل کرنا حکومت کی اولین ترجیح ہے اور اس حوالے سے کوئی کوتاہی برداشت نہیں کی جائے گی انہوں نے کہا کہ ملک کی ترقی اور خوشحالی کے لئے سب کو مل کر کام کرنا ہوگا اجلاس میں صوبائی وزراء اور اعلیٰ حکام نے بھی شرکت کی اور مختلف امور پر تفصیلی تبادلہ خیال کیا گیا پاکستان کی حکومت نے اس سلسلے میں مزید اقدامات کرنے کا فیصلہ کیا ہے اور متعلقہ اداروں کو ہدایت جاری کی گئی ہے کہ وہ فوری طور پر کارروائی کریں وزیر اعظم نے کہا کہ عوام کے مسائل حل کرنا حکومت کی

بقیہ
پاکستانی شہری
41

پاکستان کی حکومت نے اس سلسلے میں مزید اقدامات کرنے کا فیصلہ کیا ہے اور متعلقہ اداروں کو ہدایت جاری کی گئی ہے کہ وہ فوری طور پر کارروائی کریں وزیر اعظم نے کہا کہ عوام کے مسائل حل کرنا حکومت کی اولین ترجیح ہے اور اس حوالے سے کوئی کوتاہی برداشت نہیں کی جائے گی انہوں نے کہا کہ ملک کی ترقی اور خوشحالی کے لئے سب کو مل کر کام کرنا ہوگا اجلاس میں صوبائی وزراء اور اعلیٰ حکام نے بھی شرکت کی اور مختلف امور پر تفصیلی تبادلہ خیال کیا گیا پاکستان کی حکومت نے اس سلسلے میں مزید اقدامات کرنے کا فیصلہ کیا ہے اور متعلقہ اداروں کو ہدایت جاری کی گئی ہے کہ وہ فوری طور پر کارروائی کریں وزیر اعظم نے کہا کہ عوام کے مسائل حل کرنا حکومت کی

بقیہ
بلاکس اعتراف
42

پاکستان کی حکومت نے اس سلسلے میں مزید اقدامات کرنے کا فیصلہ کیا ہے اور متعلقہ اداروں کو ہدایت جاری کی گئی ہے کہ وہ فوری طور پر کارروائی کریں وزیر اعظم نے کہا کہ عوام کے مسائل حل کرنا حکومت کی اولین ترجیح ہے اور اس حوالے سے کوئی کوتاہی برداشت نہیں کی جائے گی انہوں نے کہا کہ ملک کی ترقی اور خوشحالی کے لئے سب کو مل کر کام کرنا ہوگا اجلاس میں صوبائی وزراء اور اعلیٰ حکام نے بھی شرکت کی اور مختلف امور پر تفصیلی تبادلہ خیال کیا گیا پاکستان کی حکومت نے اس سلسلے میں مزید اقدامات کرنے کا فیصلہ کیا ہے اور متعلقہ اداروں کو ہدایت جاری کی گئی ہے کہ وہ فوری طور پر کارروائی کریں وزیر اعظم نے کہا کہ عوام کے مسائل حل کرنا حکومت کی

بقیہ
عطا تارڑ
43

پاکستان کی حکومت نے اس سلسلے میں مزید اقدامات کرنے کا فیصلہ کیا ہے اور متعلقہ اداروں کو ہدایت جاری کی گئی ہے کہ وہ فوری طور پر کارروائی کریں وزیر اعظم نے کہا کہ عوام کے مسائل حل کرنا حکومت کی اولین ترجیح ہے اور اس حوالے سے کوئی کوتاہی برداشت نہیں کی جائے گی انہوں نے کہا کہ ملک کی ترقی اور خوشحالی کے لئے سب کو مل کر کام کرنا ہوگا اجلاس میں صوبائی وزراء اور اعلیٰ حکام نے بھی شرکت کی اور مختلف امور پر تفصیلی تبادلہ خیال کیا گیا پاکستان کی حکومت نے اس سلسلے میں مزید اقدامات کرنے کا فیصلہ کیا ہے اور متعلقہ اداروں کو ہدایت جاری کی گئی ہے کہ وہ فوری طور پر کارروائی کریں وزیر اعظم نے کہا کہ عوام کے مسائل حل کرنا حکومت کی

بقیہ
خدشہ
44

پاکستان کی حکومت نے اس سلسلے میں مزید اقدامات کرنے کا فیصلہ کیا ہے اور متعلقہ اداروں کو ہدایت جاری کی گئی ہے کہ وہ فوری طور پر کارروائی کریں وزیر اعظم نے کہا کہ عوام کے مسائل حل کرنا حکومت کی اولین ترجیح ہے اور اس حوالے سے کوئی کوتاہی برداشت نہیں کی جائے گی انہوں نے کہا کہ ملک کی ترقی اور خوشحالی کے لئے سب کو مل کر کام کرنا ہوگا اجلاس میں صوبائی وزراء اور اعلیٰ حکام نے بھی شرکت کی اور مختلف امور پر تفصیلی تبادلہ خیال کیا گیا پاکستان کی حکومت نے اس سلسلے میں مزید اقدامات کرنے کا فیصلہ کیا ہے اور متعلقہ اداروں کو ہدایت جاری کی گئی ہے کہ وہ فوری طور پر کارروائی کریں وزیر اعظم نے کہا کہ عوام کے مسائل حل کرنا حکومت کی

بقیہ
تصدیق
45

پاکستان کی حکومت نے اس سلسلے میں مزید اقدامات کرنے کا فیصلہ کیا ہے اور متعلقہ اداروں کو ہدایت جاری کی گئی ہے کہ وہ فوری طور پر کارروائی کریں وزیر اعظم نے کہا کہ عوام کے مسائل حل کرنا حکومت کی اولین ترجیح ہے اور اس حوالے سے کوئی کوتاہی برداشت نہیں کی جائے گی انہوں نے کہا کہ ملک کی ترقی اور خوشحالی کے لئے سب کو مل کر کام کرنا ہوگا اجلاس میں صوبائی وزراء اور اعلیٰ حکام نے بھی شرکت کی اور مختلف امور پر تفصیلی تبادلہ خیال کیا گیا پاکستان کی حکومت نے اس سلسلے میں مزید اقدامات کرنے کا فیصلہ کیا ہے اور متعلقہ اداروں کو ہدایت جاری کی گئی ہے کہ وہ فوری طور پر کارروائی کریں وزیر اعظم نے کہا کہ عوام کے مسائل حل کرنا حکومت کی

بقیہ
تصادم
46

پاکستان کی حکومت نے اس سلسلے میں مزید اقدامات کرنے کا فیصلہ کیا ہے اور متعلقہ اداروں کو ہدایت جاری کی گئی ہے کہ وہ فوری طور پر کارروائی کریں وزیر اعظم نے کہا کہ عوام کے مسائل حل کرنا حکومت کی اولین ترجیح ہے اور اس حوالے سے کوئی کوتاہی برداشت نہیں کی جائے گی انہوں نے کہا کہ ملک کی ترقی اور خوشحالی کے لئے سب کو مل کر کام کرنا ہوگا اجلاس میں صوبائی وزراء اور اعلیٰ حکام نے بھی شرکت کی اور مختلف امور پر تفصیلی تبادلہ خیال کیا گیا پاکستان کی حکومت نے اس سلسلے میں مزید اقدامات کرنے کا فیصلہ کیا ہے اور متعلقہ اداروں کو ہدایت جاری کی گئی ہے کہ وہ فوری طور پر کارروائی کریں وزیر اعظم نے کہا کہ عوام کے مسائل حل کرنا حکومت کی

بقیہ
وزیر اعظم آزاد کشمیر
47

پاکستان کی حکومت نے اس سلسلے میں مزید اقدامات کرنے کا فیصلہ کیا ہے اور متعلقہ اداروں کو ہدایت جاری کی گئی ہے کہ وہ فوری طور پر کارروائی کریں وزیر اعظم نے کہا کہ عوام کے مسائل حل کرنا حکومت کی اولین ترجیح ہے اور اس حوالے سے کوئی کوتاہی برداشت نہیں کی جائے گی انہوں نے کہا کہ ملک کی ترقی اور خوشحالی کے لئے سب کو مل کر کام کرنا ہوگا اجلاس میں صوبائی وزراء اور اعلیٰ حکام نے بھی شرکت کی اور مختلف امور پر تفصیلی تبادلہ خیال کیا گیا پاکستان کی حکومت نے اس سلسلے میں مزید اقدامات کرنے کا فیصلہ کیا ہے اور متعلقہ اداروں کو ہدایت جاری کی گئی ہے کہ وہ فوری طور پر کارروائی کریں وزیر اعظم نے کہا کہ عوام کے مسائل حل کرنا حکومت کی

بقیہ
شہباز شریف
48

پاکستان کی حکومت نے اس سلسلے میں مزید اقدامات کرنے کا فیصلہ کیا ہے اور متعلقہ اداروں کو ہدایت جاری کی گئی ہے کہ وہ فوری طور پر کارروائی کریں وزیر اعظم نے کہا کہ عوام کے مسائل حل کرنا حکومت کی اولین ترجیح ہے اور اس حوالے سے کوئی کوتاہی برداشت نہیں کی جائے گی انہوں نے کہا کہ ملک کی ترقی اور خوشحالی کے لئے سب کو مل کر کام کرنا ہوگا اجلاس میں صوبائی وزراء اور اعلیٰ حکام نے بھی شرکت کی اور مختلف امور پر تفصیلی تبادلہ خیال کیا گیا پاکستان کی حکومت نے اس سلسلے میں مزید اقدامات کرنے کا فیصلہ کیا ہے اور متعلقہ اداروں کو ہدایت جاری کی گئی ہے کہ وہ فوری طور پر کارروائی کریں وزیر اعظم نے کہا کہ عوام کے مسائل حل کرنا حکومت کی

بقیہ
بھارت
49

پاکستان کی حکومت نے اس سلسلے میں مزید اقدامات کرنے کا فیصلہ کیا ہے اور متعلقہ اداروں کو ہدایت جاری کی گئی ہے کہ وہ فوری طور پر کارروائی کریں وزیر اعظم نے کہا کہ عوام کے مسائل حل کرنا حکومت کی اولین ترجیح ہے اور اس حوالے سے کوئی کوتاہی برداشت نہیں کی جائے گی انہوں نے کہا کہ ملک کی ترقی اور خوشحالی کے لئے سب کو مل کر کام کرنا ہوگا اجلاس میں صوبائی وزراء اور اعلیٰ حکام نے بھی شرکت کی اور مختلف امور پر تفصیلی تبادلہ خیال کیا گیا پاکستان کی حکومت نے اس سلسلے میں مزید اقدامات کرنے کا فیصلہ کیا ہے اور متعلقہ اداروں کو ہدایت جاری کی گئی ہے کہ وہ فوری طور پر کارروائی کریں وزیر اعظم نے کہا کہ عوام کے مسائل حل کرنا حکومت کی

بقیہ
زمین بوس
50

پاکستان کی حکومت نے اس سلسلے میں مزید اقدامات کرنے کا فیصلہ کیا ہے اور متعلقہ اداروں کو ہدایت جاری کی گئی ہے کہ وہ فوری طور پر کارروائی کریں وزیر اعظم نے کہا کہ عوام کے مسائل حل کرنا حکومت کی اولین ترجیح ہے اور اس حوالے سے کوئی کوتاہی برداشت نہیں کی جائے گی انہوں نے کہا کہ ملک کی ترقی اور خوشحالی کے لئے سب کو مل کر کام کرنا ہوگا اجلاس میں صوبائی وزراء اور اعلیٰ حکام نے بھی شرکت کی اور مختلف امور پر تفصیلی تبادلہ خیال کیا گیا پاکستان کی حکومت نے اس سلسلے میں مزید اقدامات کرنے کا فیصلہ کیا ہے اور متعلقہ اداروں کو ہدایت جاری کی گئی ہے کہ وہ فوری طور پر کارروائی کریں وزیر اعظم نے کہا کہ عوام کے مسائل حل کرنا حکومت کی

بقیہ
خفزدہ
51

پاکستان کی حکومت نے اس سلسلے میں مزید اقدامات کرنے کا فیصلہ کیا ہے اور متعلقہ اداروں کو ہدایت جاری کی گئی ہے کہ وہ فوری طور پر کارروائی کریں وزیر اعظم نے کہا کہ عوام کے مسائل حل کرنا حکومت کی اولین ترجیح ہے اور اس حوالے سے کوئی کوتاہی برداشت نہیں کی جائے گی انہوں نے کہا کہ ملک کی ترقی اور خوشحالی کے لئے سب کو مل کر کام کرنا ہوگا اجلاس میں صوبائی وزراء اور اعلیٰ حکام نے بھی شرکت کی اور مختلف امور پر تفصیلی تبادلہ خیال کیا گیا پاکستان کی حکومت نے اس سلسلے میں مزید اقدامات کرنے کا فیصلہ کیا ہے اور متعلقہ اداروں کو ہدایت جاری کی گئی ہے کہ وہ فوری طور پر کارروائی کریں وزیر اعظم نے کہا کہ عوام کے مسائل حل کرنا حکومت کی اولین ترجیح ہے اور اس حوالے سے کوئی کوتاہی برداشت نہیں کی جائے گی انہوں نے کہا کہ ملک کی ترقی اور

بقیہ
چیف جسٹس
52

پاکستان کی حکومت نے اس سلسلے میں مزید اقدامات کرنے کا فیصلہ کیا ہے اور متعلقہ اداروں کو ہدایت جاری کی گئی ہے کہ وہ فوری طور پر کارروائی کریں وزیر اعظم نے کہا کہ عوام کے مسائل حل کرنا حکومت کی اولین ترجیح ہے اور اس حوالے سے کوئی کوتاہی برداشت نہیں کی جائے گی انہوں نے کہا کہ ملک کی ترقی اور خوشحالی کے لئے سب کو مل کر کام کرنا ہوگا اجلاس میں صوبائی وزراء اور اعلیٰ حکام نے بھی شرکت کی اور مختلف امور پر تفصیلی تبادلہ خیال کیا گیا پاکستان کی حکومت نے اس سلسلے میں مزید اقدامات کرنے کا فیصلہ کیا ہے اور متعلقہ اداروں کو ہدایت جاری کی گئی ہے کہ وہ فوری طور پر کارروائی کریں وزیر اعظم نے کہا کہ عوام کے مسائل حل کرنا حکومت کی اولین ترجیح ہے اور اس حوالے سے کوئی کوتاہی برداشت نہیں کی جائے گی انہوں نے کہا کہ ملک کی ترقی اور

بقیہ
دفتر خارجہ
53

پاکستان کی حکومت نے اس سلسلے میں مزید اقدامات کرنے کا فیصلہ کیا ہے اور متعلقہ اداروں کو ہدایت جاری کی گئی ہے کہ وہ فوری طور پر کارروائی کریں وزیر اعظم نے کہا کہ عوام کے مسائل حل کرنا حکومت کی اولین ترجیح ہے اور اس حوالے سے کوئی کوتاہی برداشت نہیں کی جائے گی انہوں نے کہا کہ ملک کی ترقی اور خوشحالی کے لئے سب کو مل کر کام کرنا ہوگا اجلاس میں صوبائی وزراء اور اعلیٰ حکام نے بھی شرکت کی اور مختلف امور پر تفصیلی تبادلہ خیال کیا گیا پاکستان کی حکومت نے اس سلسلے میں مزید اقدامات کرنے کا فیصلہ کیا ہے اور متعلقہ اداروں کو ہدایت جاری کی گئی ہے کہ وہ فوری طور پر کارروائی کریں وزیر اعظم نے کہا کہ عوام کے مسائل حل کرنا حکومت کی اولین ترجیح ہے اور اس حوالے سے کوئی کوتاہی برداشت نہیں کی جائے گی انہوں نے کہا کہ ملک کی ترقی اور

بقیہ
دورہ
54

پاکستان کی حکومت نے اس سلسلے میں مزید اقدامات کرنے کا فیصلہ کیا ہے اور متعلقہ اداروں کو ہدایت جاری کی گئی ہے کہ وہ فوری طور پر کارروائی کریں وزیر اعظم نے کہا کہ عوام کے مسائل حل کرنا حکومت کی اولین ترجیح ہے اور اس حوالے سے کوئی کوتاہی برداشت نہیں کی جائے گی انہوں نے کہا کہ ملک کی ترقی اور خوشحالی کے لئے سب کو مل کر کام کرنا ہوگا اجلاس میں صوبائی وزراء اور اعلیٰ حکام نے بھی شرکت کی اور مختلف امور پر تفصیلی تبادلہ خیال کیا گیا پاکستان کی حکومت نے اس سلسلے میں مزید اقدامات کرنے کا فیصلہ کیا ہے اور متعلقہ اداروں کو ہدایت جاری کی گئی ہے کہ وہ فوری طور پر کارروائی کریں وزیر اعظم نے کہا کہ عوام کے مسائل حل کرنا حکومت کی اولین ترجیح ہے اور اس حوالے سے کوئی کوتاہی برداشت نہیں کی جائے گی انہوں نے کہا کہ ملک کی ترقی اور

بقیہ
خام تیل
55

پاکستان کی حکومت نے اس سلسلے میں مزید اقدامات کرنے کا فیصلہ کیا ہے اور متعلقہ اداروں کو ہدایت جاری کی گئی ہے کہ وہ فوری طور پر کارروائی کریں وزیر اعظم نے کہا کہ عوام کے مسائل حل کرنا حکومت کی اولین ترجیح ہے اور اس حوالے سے کوئی کوتاہی برداشت نہیں کی جائے گی انہوں نے کہا کہ ملک کی ترقی اور خوشحالی کے لئے سب کو مل کر کام کرنا ہوگا اجلاس میں صوبائی وزراء اور اعلیٰ حکام نے بھی شرکت کی اور مختلف امور پر تفصیلی تبادلہ خیال کیا گیا پاکستان کی حکومت نے اس سلسلے میں مزید اقدامات کرنے کا فیصلہ کیا ہے اور متعلقہ اداروں کو ہدایت جاری کی گئی ہے کہ وہ فوری طور پر کارروائی کریں وزیر اعظم نے کہا کہ عوام کے مسائل حل کرنا حکومت کی اولین ترجیح ہے اور اس حوالے سے کوئی کوتاہی برداشت نہیں کی جائے گی انہوں نے کہا کہ ملک کی ترقی اور

بقیہ
بھارتی ناظم الامور
56

پاکستان کی حکومت نے اس سلسلے میں مزید اقدامات کرنے کا فیصلہ کیا ہے اور متعلقہ اداروں کو ہدایت جاری کی گئی ہے کہ وہ فوری طور پر کارروائی کریں وزیر اعظم نے کہا کہ عوام کے مسائل حل کرنا حکومت کی اولین ترجیح ہے اور اس حوالے سے کوئی کوتاہی برداشت نہیں کی جائے گی انہوں نے کہا کہ ملک کی ترقی اور خوشحالی کے لئے سب کو مل کر کام کرنا ہوگا اجلاس میں صوبائی وزراء اور اعلیٰ حکام نے بھی شرکت کی اور مختلف امور پر تفصیلی تبادلہ خیال کیا گیا پاکستان کی حکومت نے اس سلسلے میں مزید اقدامات کرنے کا فیصلہ کیا ہے اور متعلقہ اداروں کو ہدایت جاری کی گئی ہے کہ وہ فوری طور پر کارروائی کریں وزیر اعظم نے کہا کہ عوام کے مسائل حل کرنا حکومت کی اولین ترجیح ہے اور اس حوالے سے کوئی کوتاہی برداشت نہیں کی جائے گی انہوں نے کہا کہ ملک کی ترقی اور

بقیہ
قومی سلامتی کمیٹی
57

پاکستان کی حکومت نے اس سلسلے میں مزید اقدامات کرنے کا فیصلہ کیا ہے اور متعلقہ اداروں کو ہدایت جاری کی گئی ہے کہ وہ فوری طور پر کارروائی کریں وزیر اعظم نے کہا کہ عوام کے مسائل حل کرنا حکومت کی اولین ترجیح ہے اور اس حوالے سے کوئی کوتاہی برداشت نہیں کی جائے گی انہوں نے کہا کہ ملک کی ترقی اور خوشحالی کے لئے سب کو مل کر کام کرنا ہوگا اجلاس میں صوبائی وزراء اور اعلیٰ حکام نے بھی شرکت کی اور مختلف امور پر تفصیلی تبادلہ خیال کیا گیا پاکستان کی حکومت نے اس سلسلے میں مزید اقدامات کرنے کا فیصلہ کیا ہے اور متعلقہ اداروں کو ہدایت جاری کی گئی ہے کہ وہ فوری طور پر کارروائی کریں وزیر اعظم نے کہا کہ عوام کے مسائل حل کرنا حکومت کی اولین ترجیح ہے اور اس حوالے سے کوئی کوتاہی برداشت نہیں کی جائے گی انہوں نے کہا کہ ملک کی ترقی اور

بقیہ
بلاول بھٹو
58

پاکستان کی حکومت نے اس سلسلے میں مزید اقدامات کرنے کا فیصلہ کیا ہے اور متعلقہ اداروں کو ہدایت جاری کی گئی ہے کہ وہ فوری طور پر کارروائی کریں وزیر اعظم نے کہا کہ عوام کے مسائل حل کرنا حکومت کی اولین ترجیح ہے اور اس حوالے سے کوئی کوتاہی برداشت نہیں کی جائے گی انہوں نے کہا کہ ملک کی ترقی اور خوشحالی کے لئے سب کو مل کر کام کرنا ہوگا اجلاس میں صوبائی وزراء اور اعلیٰ حکام نے بھی شرکت کی اور مختلف امور پر تفصیلی تبادلہ خیال کیا

بقیہ
وزیر اعلیٰ
59

پاکستان کی حکومت نے اس سلسلے میں مزید اقدامات کرنے کا فیصلہ کیا ہے اور متعلقہ اداروں کو ہدایت جاری کی گئی ہے کہ وہ فوری طور پر کارروائی کریں وزیر اعظم نے کہا کہ عوام کے مسائل حل کرنا حکومت کی اولین ترجیح ہے اور اس حوالے سے کوئی کوتاہی برداشت نہیں کی جائے گی انہوں نے کہا کہ ملک کی ترقی اور خوشحالی کے لئے سب کو مل کر کام کرنا ہوگا اجلاس میں صوبائی وزراء اور اعلیٰ حکام نے بھی شرکت کی اور مختلف امور پر تفصیلی تبادلہ خیال کیا

بقیہ
صدر مملکت
60

پاکستان کی حکومت نے اس سلسلے میں مزید اقدامات کرنے کا فیصلہ کیا ہے اور متعلقہ اداروں کو ہدایت جاری کی گئی ہے کہ وہ فوری طور پر کارروائی کریں وزیر اعظم نے کہا کہ عوام کے مسائل حل کرنا حکومت کی اولین ترجیح ہے اور اس حوالے سے کوئی کوتاہی برداشت نہیں کی جائے گی انہوں نے کہا کہ ملک کی ترقی اور خوشحالی کے لئے سب کو مل کر کام کرنا ہوگا اجلاس میں صوبائی وزراء اور اعلیٰ حکام نے بھی شرکت کی اور مختلف امور پر تفصیلی تبادلہ خیال کیا

بقیہ
بیرسٹر سلطان
61

پاکستان کی حکومت نے اس سلسلے میں مزید اقدامات کرنے کا فیصلہ کیا ہے اور متعلقہ اداروں کو ہدایت جاری کی گئی ہے کہ وہ فوری طور پر کارروائی کریں وزیر اعظم نے کہا کہ عوام کے مسائل حل کرنا حکومت کی اولین ترجیح ہے اور اس حوالے سے کوئی کوتاہی برداشت نہیں کی جائے گی انہوں نے کہا کہ ملک کی ترقی اور خوشحالی کے لئے سب کو مل کر کام کرنا ہوگا اجلاس میں صوبائی وزراء اور اعلیٰ حکام نے بھی شرکت کی اور مختلف امور پر تفصیلی تبادلہ خیال کیا

بقیہ
وزیر خزانہ
62

پاکستان کی حکومت نے اس سلسلے میں مزید اقدامات کرنے کا فیصلہ کیا ہے اور متعلقہ اداروں کو ہدایت جاری کی گئی ہے کہ وہ فوری طور پر کارروائی کریں وزیر اعظم نے کہا کہ عوام کے مسائل حل کرنا حکومت کی اولین ترجیح ہے اور اس حوالے سے کوئی کوتاہی برداشت نہیں کی جائے گی انہوں نے کہا کہ ملک کی ترقی اور خوشحالی کے لئے سب کو مل کر کام کرنا ہوگا اجلاس میں صوبائی وزراء اور اعلیٰ حکام نے بھی شرکت کی اور مختلف امور پر تفصیلی تبادلہ خیال کیا

بقیہ
مریم نواز
63

پاکستان کی حکومت نے اس سلسلے میں مزید اقدامات کرنے کا فیصلہ کیا ہے اور متعلقہ اداروں کو ہدایت جاری کی گئی ہے کہ وہ فوری طور پر کارروائی کریں وزیر اعظم نے کہا کہ عوام کے مسائل حل کرنا حکومت کی اولین ترجیح ہے اور اس حوالے سے کوئی کوتاہی برداشت نہیں کی جائے گی انہوں نے کہا کہ ملک کی ترقی اور خوشحالی کے لئے سب کو مل کر کام کرنا ہوگا اجلاس میں صوبائی وزراء اور اعلیٰ حکام نے بھی شرکت کی اور مختلف امور پر تفصیلی تبادلہ خیال کیا

بقیہ
درست قرار
64

پاکستان کی حکومت نے اس سلسلے میں مزید اقدامات کرنے کا فیصلہ کیا ہے اور متعلقہ اداروں کو ہدایت جاری کی گئی ہے کہ وہ فوری طور پر کارروائی کریں وزیر اعظم نے کہا کہ عوام کے مسائل حل کرنا حکومت کی اولین ترجیح ہے اور اس حوالے سے کوئی کوتاہی برداشت نہیں کی جائے گی انہوں نے کہا کہ ملک کی ترقی اور خوشحالی کے لئے سب کو مل کر کام کرنا ہوگا اجلاس میں صوبائی وزراء اور اعلیٰ حکام نے بھی شرکت کی اور مختلف امور پر تفصیلی تبادلہ خیال کیا

بقیہ
وزیر اعلیٰ بلوچستان
65

پاکستان کی حکومت نے اس سلسلے میں مزید اقدامات کرنے کا فیصلہ کیا ہے اور متعلقہ اداروں کو ہدایت جاری کی گئی ہے کہ وہ فوری طور پر کارروائی کریں وزیر اعظم نے کہا کہ عوام کے مسائل حل کرنا حکومت کی اولین ترجیح ہے اور اس حوالے سے کوئی کوتاہی برداشت نہیں کی جائے گی انہوں نے کہا کہ ملک کی ترقی اور خوشحالی کے لئے سب کو مل کر کام کرنا ہوگا اجلاس میں صوبائی وزراء اور اعلیٰ حکام نے بھی شرکت کی اور مختلف امور پر تفصیلی تبادلہ خیال کیا

بقیہ
بھارتی حملہ
66

پاکستان کی حکومت نے اس سلسلے میں مزید اقدامات کرنے کا فیصلہ کیا ہے اور متعلقہ اداروں کو ہدایت جاری کی گئی ہے کہ وہ فوری طور پر کارروائی کریں وزیر اعظم نے کہا کہ عوام کے مسائل حل کرنا حکومت کی اولین ترجیح ہے اور اس حوالے سے کوئی کوتاہی برداشت نہیں کی جائے گی انہوں نے کہا کہ ملک کی ترقی اور خوشحالی کے لئے سب کو مل کر کام کرنا ہوگا اجلاس میں صوبائی وزراء اور اعلیٰ حکام نے بھی شرکت کی اور مختلف امور پر تفصیلی تبادلہ خیال کیا

بقیہ
اجلاس
67

پاکستان کی حکومت نے اس سلسلے میں مزید اقدامات کرنے کا فیصلہ کیا ہے اور متعلقہ اداروں کو ہدایت جاری کی گئی ہے کہ وہ فوری طور پر کارروائی کریں وزیر اعظم نے کہا کہ عوام کے مسائل حل کرنا حکومت کی اولین ترجیح ہے اور اس حوالے سے کوئی کوتاہی برداشت نہیں کی جائے گی انہوں نے کہا کہ ملک کی ترقی اور خوشحالی کے لئے سب کو مل کر کام کرنا ہوگا اجلاس میں صوبائی وزراء اور اعلیٰ حکام نے بھی شرکت کی اور مختلف امور پر تفصیلی تبادلہ خیال کیا

بقیہ
نثار احمد ابدالی
68

پاکستان کی حکومت نے اس سلسلے میں مزید اقدامات کرنے کا فیصلہ کیا ہے اور متعلقہ اداروں کو ہدایت جاری کی گئی ہے کہ وہ فوری طور پر کارروائی کریں وزیر اعظم نے کہا کہ عوام کے مسائل حل کرنا حکومت کی اولین ترجیح ہے اور اس حوالے سے کوئی کوتاہی برداشت نہیں کی جائے گی انہوں نے کہا کہ ملک کی ترقی اور خوشحالی کے لئے سب کو مل کر کام کرنا ہوگا اجلاس میں صوبائی وزراء اور اعلیٰ حکام نے بھی شرکت کی اور مختلف امور پر تفصیلی تبادلہ خیال کیا
